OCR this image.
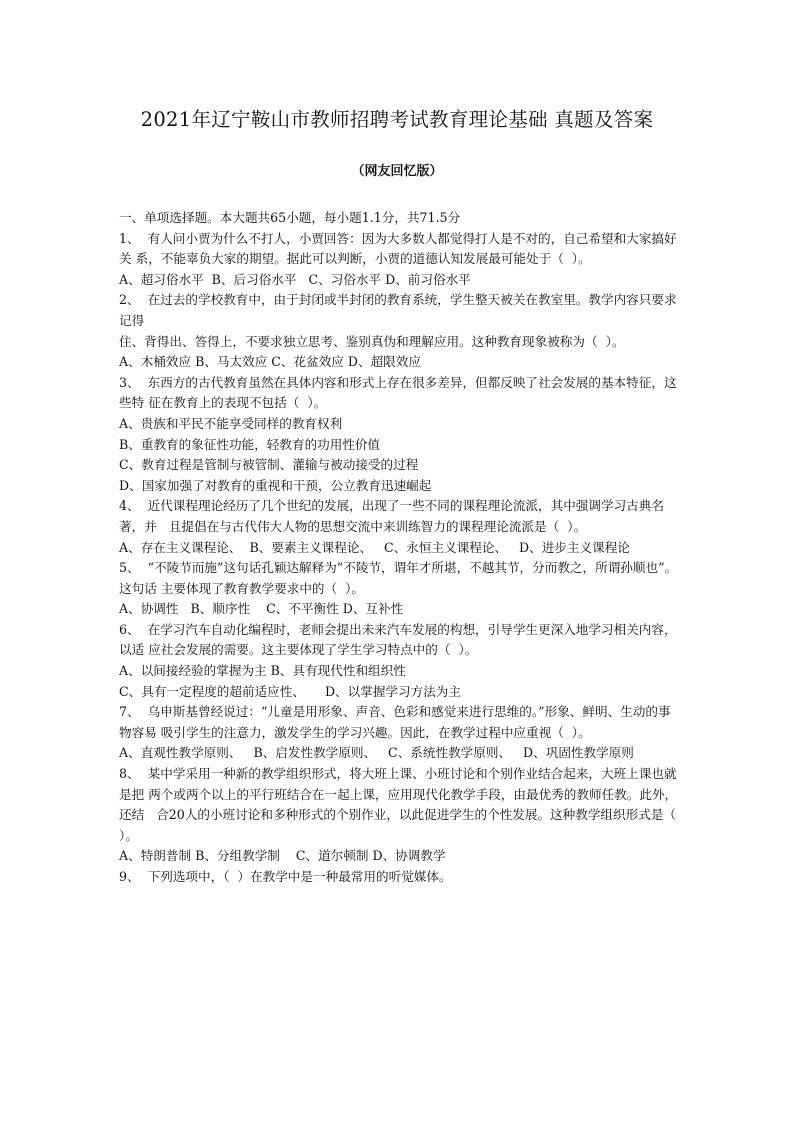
2021年辽宁鞍山市教师招聘考试教育理论基础 真题及答案
（网友回忆版）

一、单项选择题。本大题共65小题，每小题1.1分，共71.5分

1、  有人问小贾为什么不打人，小贾回答：因为大多数人都觉得打人是不对的，自己希望和大家搞好关 系，不能辜负大家的期望。据此可以判断，小贾的道德认知发展最可能处于（  ）。

A、超习俗水平  B、后习俗水平   C、习俗水平 D、前习俗水平

2、  在过去的学校教育中，由于封闭或半封闭的教育系统，学生整天被关在教室里。教学内容只要求记得

住、背得出、答得上，不要求独立思考、鉴别真伪和理解应用。这种教育现象被称为（  ）。

A、木桶效应 B、马太效应 C、花盆效应 D、超限效应

3、  东西方的古代教育虽然在具体内容和形式上存在很多差异，但都反映了社会发展的基本特征，这些特 征在教育上的表现不包括（  ）。

A、贵族和平民不能享受同样的教育权利

B、重教育的象征性功能，轻教育的功用性价值

C、教育过程是管制与被管制、灌输与被动接受的过程

D、国家加强了对教育的重视和干预，公立教育迅速崛起

4、  近代课程理论经历了几个世纪的发展，出现了一些不同的课程理论流派，其中强调学习古典名著，并   且提倡在与古代伟大人物的思想交流中来训练智力的课程理论流派是（  ）。

A、存在主义课程论、  B、要素主义课程论、   C、永恒主义课程论、   D、进步主义课程论

5、  “不陵节而施”这句话孔颖达解释为“不陵节，谓年才所堪，不越其节，分而教之，所谓孙顺也”。这句话 主要体现了教育教学要求中的（  ）。

A、协调性   B、顺序性    C、不平衡性 D、互补性

6、  在学习汽车自动化编程时，老师会提出未来汽车发展的构想，引导学生更深入地学习相关内容，以适 应社会发展的需要。这主要体现了学生学习特点中的（  ）。

A、以间接经验的掌握为主 B、具有现代性和组织性

C、具有一定程度的超前适应性、     D、以掌握学习方法为主

7、  乌申斯基曾经说过：“儿童是用形象、声音、色彩和感觉来进行思维的。”形象、鲜明、生动的事物容易 吸引学生的注意力，激发学生的学习兴趣。因此，在教学过程中应重视（  ）。

A、直观性教学原则、   B、启发性教学原则、   C、系统性教学原则、   D、巩固性教学原则

8、  某中学采用一种新的教学组织形式，将大班上课、小班讨论和个别作业结合起来，大班上课也就是把 两个或两个以上的平行班结合在一起上课，应用现代化教学手段，由最优秀的教师任教。此外，还结   合20人的小班讨论和多种形式的个别作业，以此促进学生的个性发展。这种教学组织形式是（  ）。

A、特朗普制 B、分组教学制    C、道尔顿制 D、协调教学

9、  下列选项中，（  ）在教学中是一种最常用的听觉媒体。
